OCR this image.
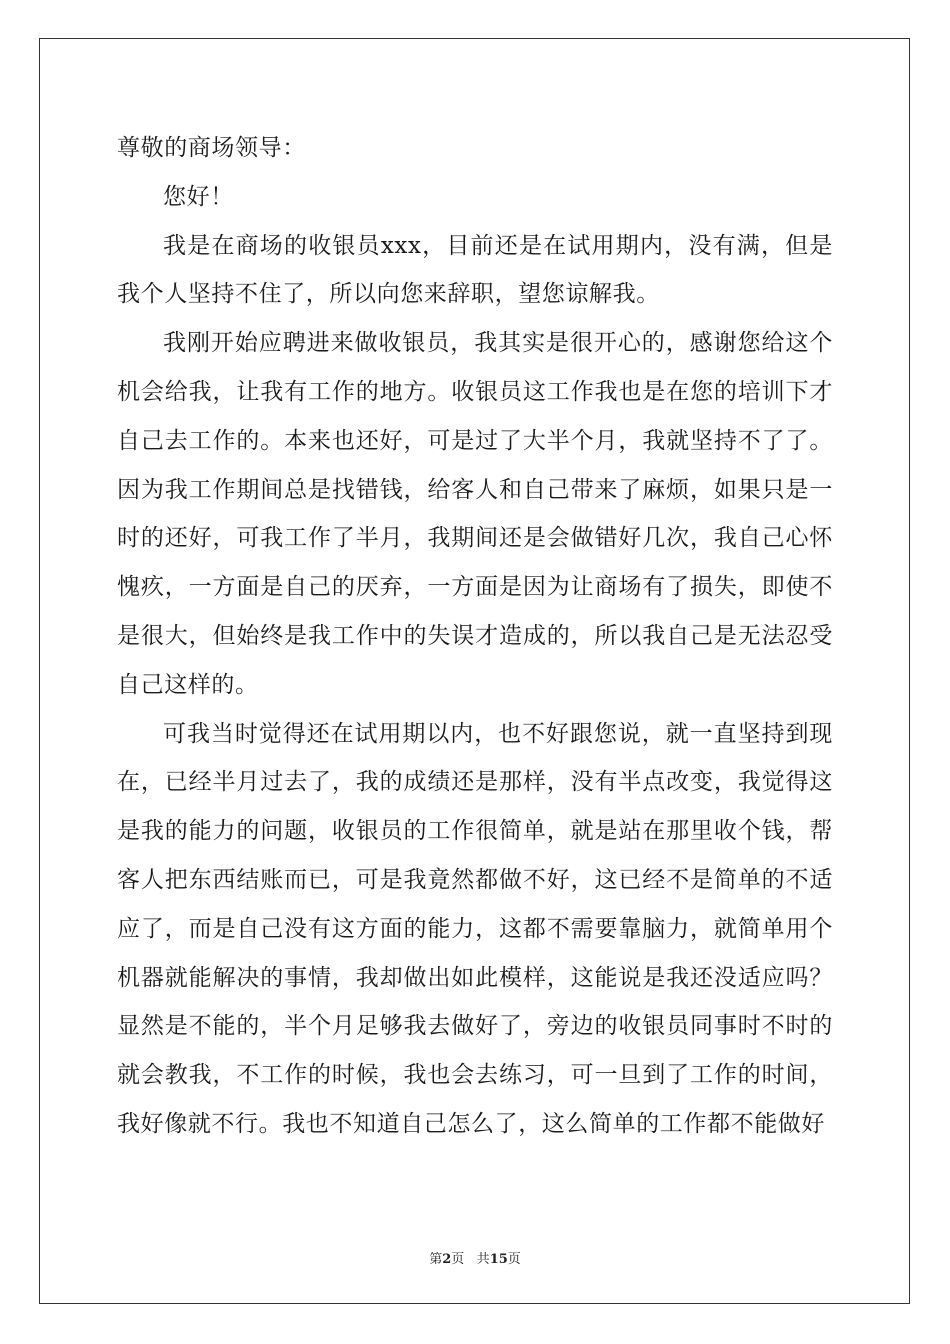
尊敬的商场领导：

您好！

我是在商场的收银员xxx，目前还是在试用期内，没有满，但是我个人坚持不住了，所以向您来辞职，望您谅解我。

我刚开始应聘进来做收银员，我其实是很开心的，感谢您给这个机会给我，让我有工作的地方。收银员这工作我也是在您的培训下才自己去工作的。本来也还好，可是过了大半个月，我就坚持不了了。因为我工作期间总是找错钱，给客人和自己带来了麻烦，如果只是一时的还好，可我工作了半月，我期间还是会做错好几次，我自己心怀愧疚，一方面是自己的厌弃，一方面是因为让商场有了损失，即使不是很大，但始终是我工作中的失误才造成的，所以我自己是无法忍受自己这样的。

可我当时觉得还在试用期以内，也不好跟您说，就一直坚持到现在，已经半月过去了，我的成绩还是那样，没有半点改变，我觉得这是我的能力的问题，收银员的工作很简单，就是站在那里收个钱，帮客人把东西结账而已，可是我竟然都做不好，这已经不是简单的不适应了，而是自己没有这方面的能力，这都不需要靠脑力，就简单用个机器就能解决的事情，我却做出如此模样，这能说是我还没适应吗？显然是不能的，半个月足够我去做好了，旁边的收银员同事时不时的就会教我，不工作的时候，我也会去练习，可一旦到了工作的时间，我好像就不行。我也不知道自己怎么了，这么简单的工作都不能做好

第2页 共15页
